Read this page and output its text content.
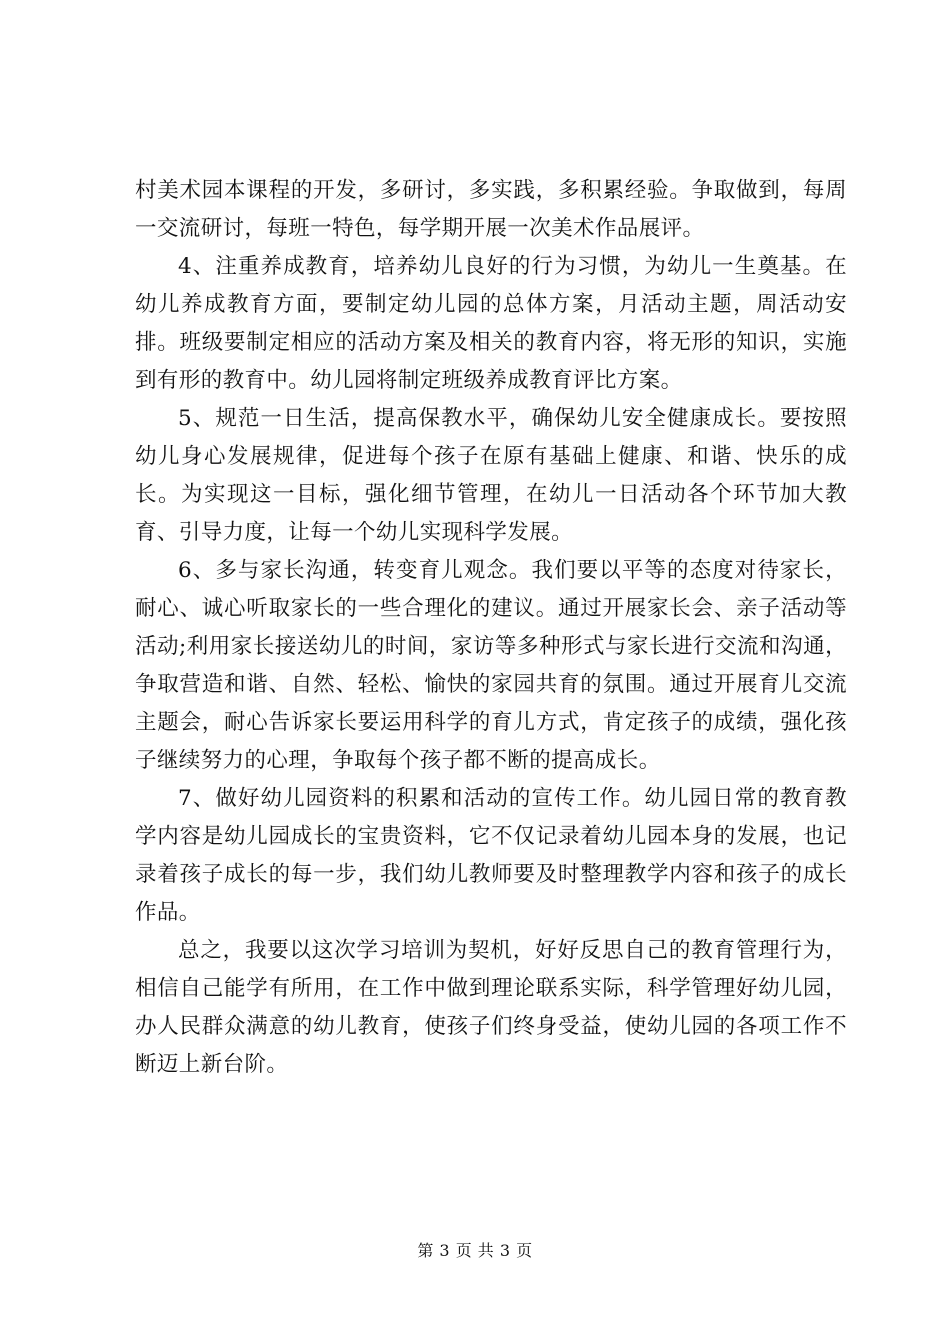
村美术园本课程的开发，多研讨，多实践，多积累经验。争取做到，每周一交流研讨，每班一特色，每学期开展一次美术作品展评。

4、注重养成教育，培养幼儿良好的行为习惯，为幼儿一生奠基。在幼儿养成教育方面，要制定幼儿园的总体方案，月活动主题，周活动安排。班级要制定相应的活动方案及相关的教育内容，将无形的知识，实施到有形的教育中。幼儿园将制定班级养成教育评比方案。

5、规范一日生活，提高保教水平，确保幼儿安全健康成长。要按照幼儿身心发展规律，促进每个孩子在原有基础上健康、和谐、快乐的成长。为实现这一目标，强化细节管理，在幼儿一日活动各个环节加大教育、引导力度，让每一个幼儿实现科学发展。

6、多与家长沟通，转变育儿观念。我们要以平等的态度对待家长，耐心、诚心听取家长的一些合理化的建议。通过开展家长会、亲子活动等活动;利用家长接送幼儿的时间，家访等多种形式与家长进行交流和沟通，争取营造和谐、自然、轻松、愉快的家园共育的氛围。通过开展育儿交流主题会，耐心告诉家长要运用科学的育儿方式，肯定孩子的成绩，强化孩子继续努力的心理，争取每个孩子都不断的提高成长。

7、做好幼儿园资料的积累和活动的宣传工作。幼儿园日常的教育教学内容是幼儿园成长的宝贵资料，它不仅记录着幼儿园本身的发展，也记录着孩子成长的每一步，我们幼儿教师要及时整理教学内容和孩子的成长作品。

总之，我要以这次学习培训为契机，好好反思自己的教育管理行为，相信自己能学有所用，在工作中做到理论联系实际，科学管理好幼儿园，办人民群众满意的幼儿教育，使孩子们终身受益，使幼儿园的各项工作不断迈上新台阶。

第 3 页 共 3 页
